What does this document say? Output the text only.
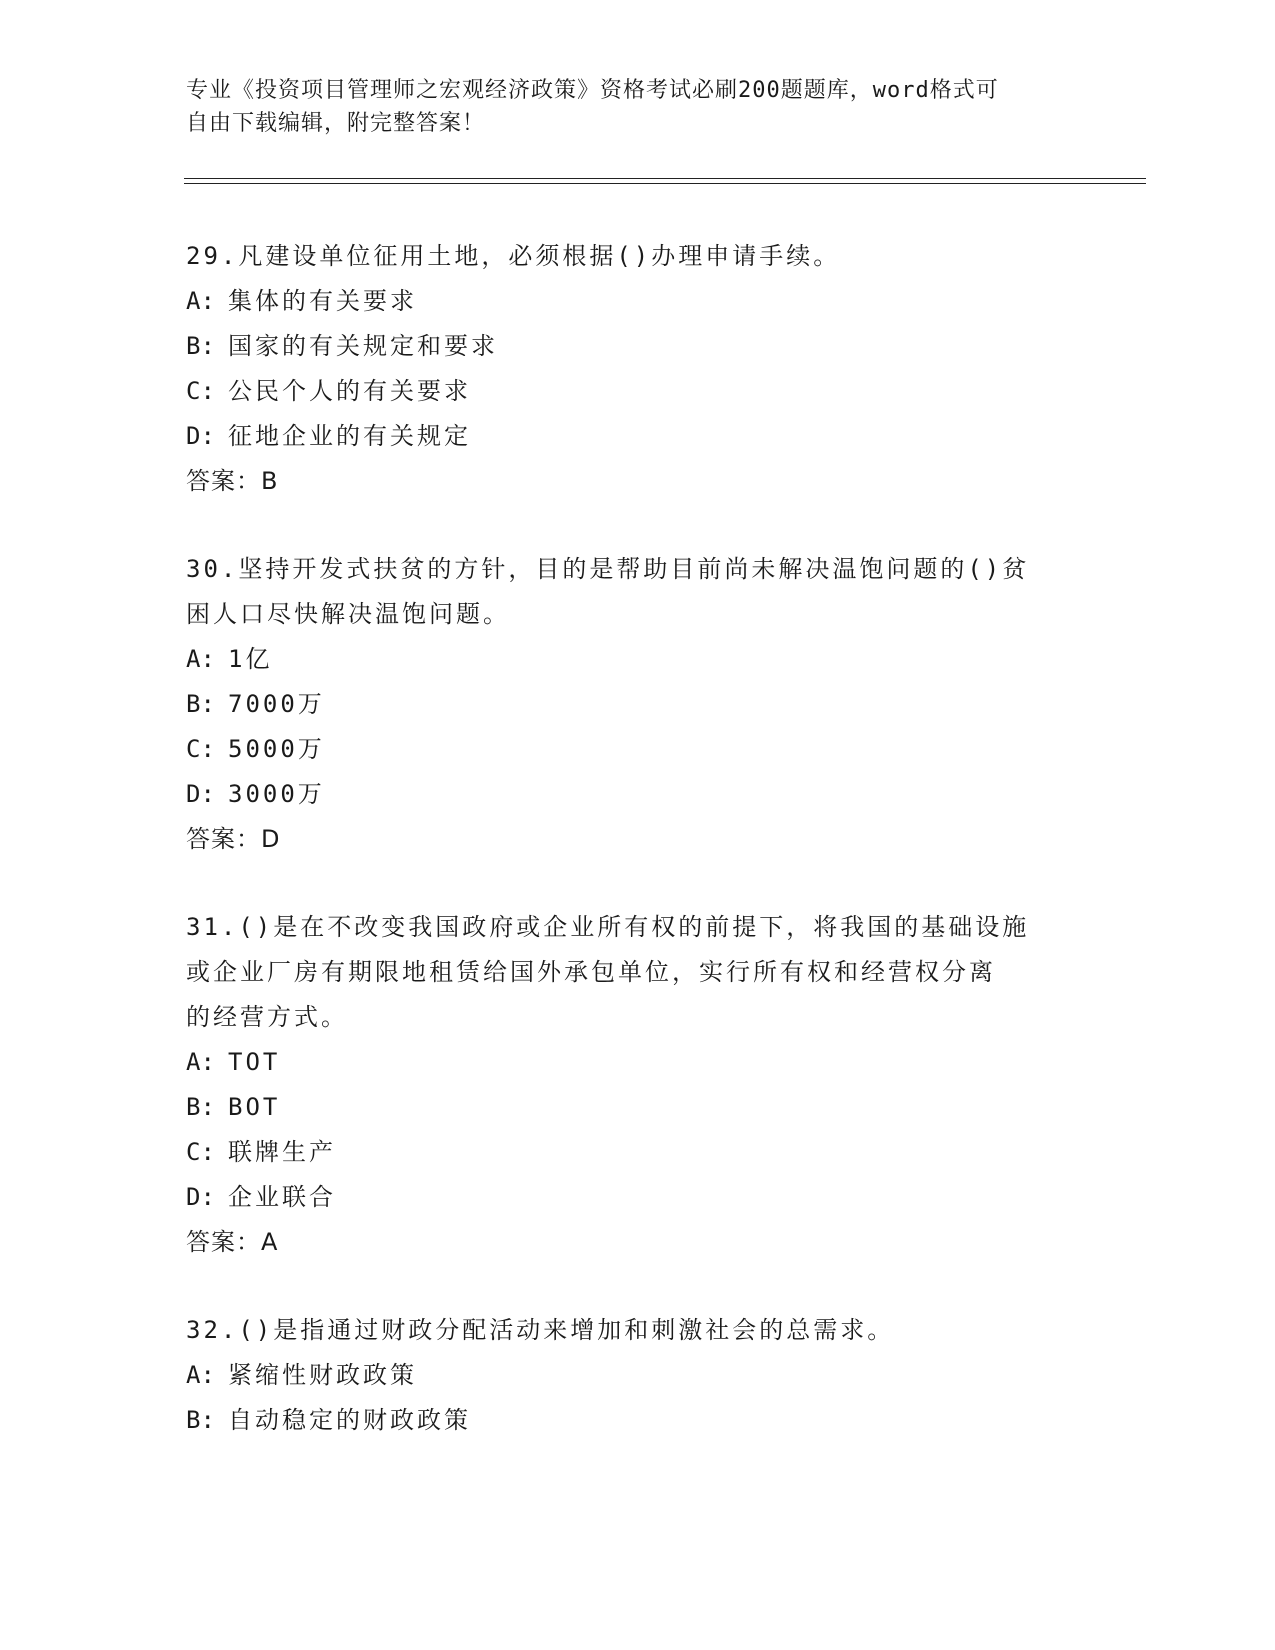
专业《投资项目管理师之宏观经济政策》资格考试必刷200题题库，word格式可
自由下载编辑，附完整答案！

29.凡建设单位征用土地，必须根据()办理申请手续。

A: 集体的有关要求

B: 国家的有关规定和要求

C: 公民个人的有关要求

D: 征地企业的有关规定

答案：B

30.坚持开发式扶贫的方针，目的是帮助目前尚未解决温饱问题的()贫

困人口尽快解决温饱问题。

A: 1亿

B: 7000万

C: 5000万

D: 3000万

答案：D

31.()是在不改变我国政府或企业所有权的前提下，将我国的基础设施

或企业厂房有期限地租赁给国外承包单位，实行所有权和经营权分离

的经营方式。

A: TOT

B: BOT

C: 联牌生产

D: 企业联合

答案：A

32.()是指通过财政分配活动来增加和刺激社会的总需求。

A: 紧缩性财政政策

B: 自动稳定的财政政策
